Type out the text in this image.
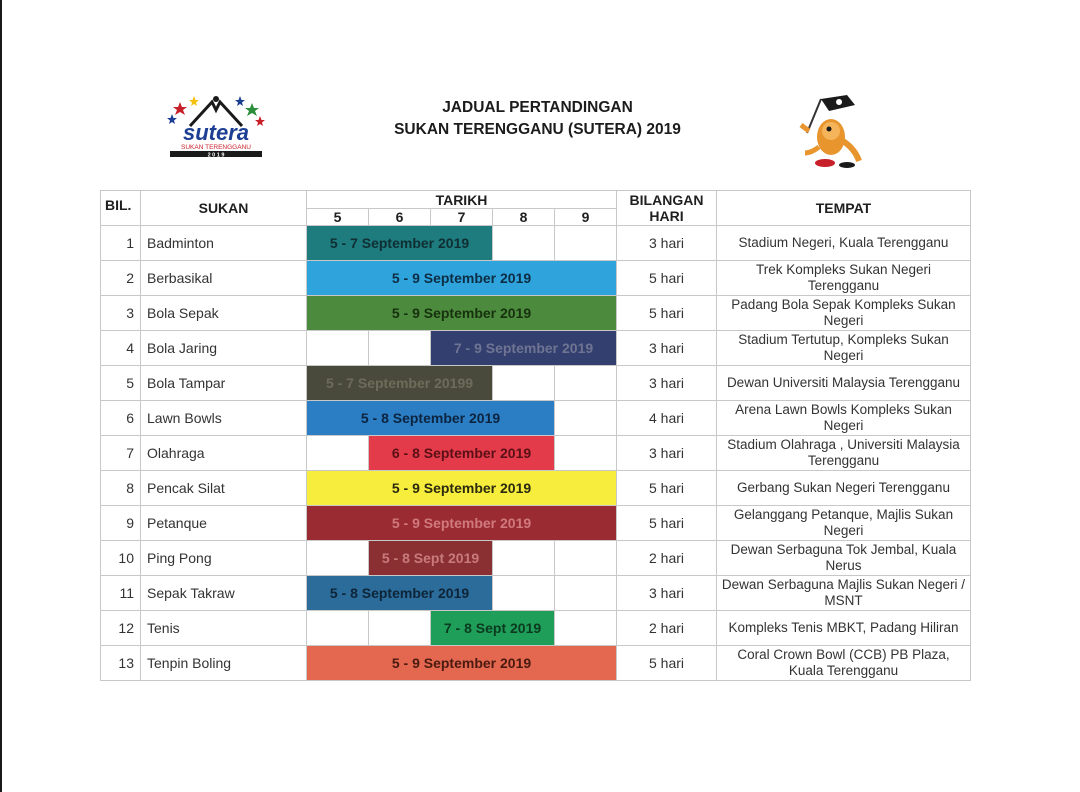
sutera
SUKAN TERENGGANU
2 0 1 9
JADUAL PERTANDINGAN
SUKAN TERENGGANU (SUTERA) 2019
BIL.	SUKAN	TARIKH					BILANGAN
HARI	TEMPAT
		5	6	7	8	9		
1	Badminton	5 - 7 September 2019					3 hari	Stadium Negeri, Kuala Terengganu
2	Berbasikal	5 - 9 September 2019					5 hari	Trek Kompleks Sukan Negeri Terengganu
3	Bola Sepak	5 - 9 September 2019					5 hari	Padang Bola Sepak Kompleks Sukan Negeri
4	Bola Jaring			7 - 9 September 2019			3 hari	Stadium Tertutup, Kompleks Sukan Negeri
5	Bola Tampar	5 - 7 September 20199					3 hari	Dewan Universiti Malaysia Terengganu
6	Lawn Bowls	5 - 8 September 2019					4 hari	Arena Lawn Bowls Kompleks Sukan Negeri
7	Olahraga		6 - 8 September 2019				3 hari	Stadium Olahraga , Universiti Malaysia Terengganu
8	Pencak Silat	5 - 9 September 2019					5 hari	Gerbang Sukan Negeri Terengganu
9	Petanque	5 - 9 September 2019					5 hari	Gelanggang Petanque, Majlis Sukan Negeri
10	Ping Pong		5 - 8 Sept 2019				2 hari	Dewan Serbaguna Tok Jembal, Kuala Nerus
11	Sepak Takraw	5 - 8 September 2019					3 hari	Dewan Serbaguna Majlis Sukan Negeri / MSNT
12	Tenis			7 - 8 Sept 2019			2 hari	Kompleks Tenis MBKT, Padang Hiliran
13	Tenpin Boling	5 - 9 September 2019					5 hari	Coral Crown Bowl (CCB) PB Plaza, Kuala Terengganu
